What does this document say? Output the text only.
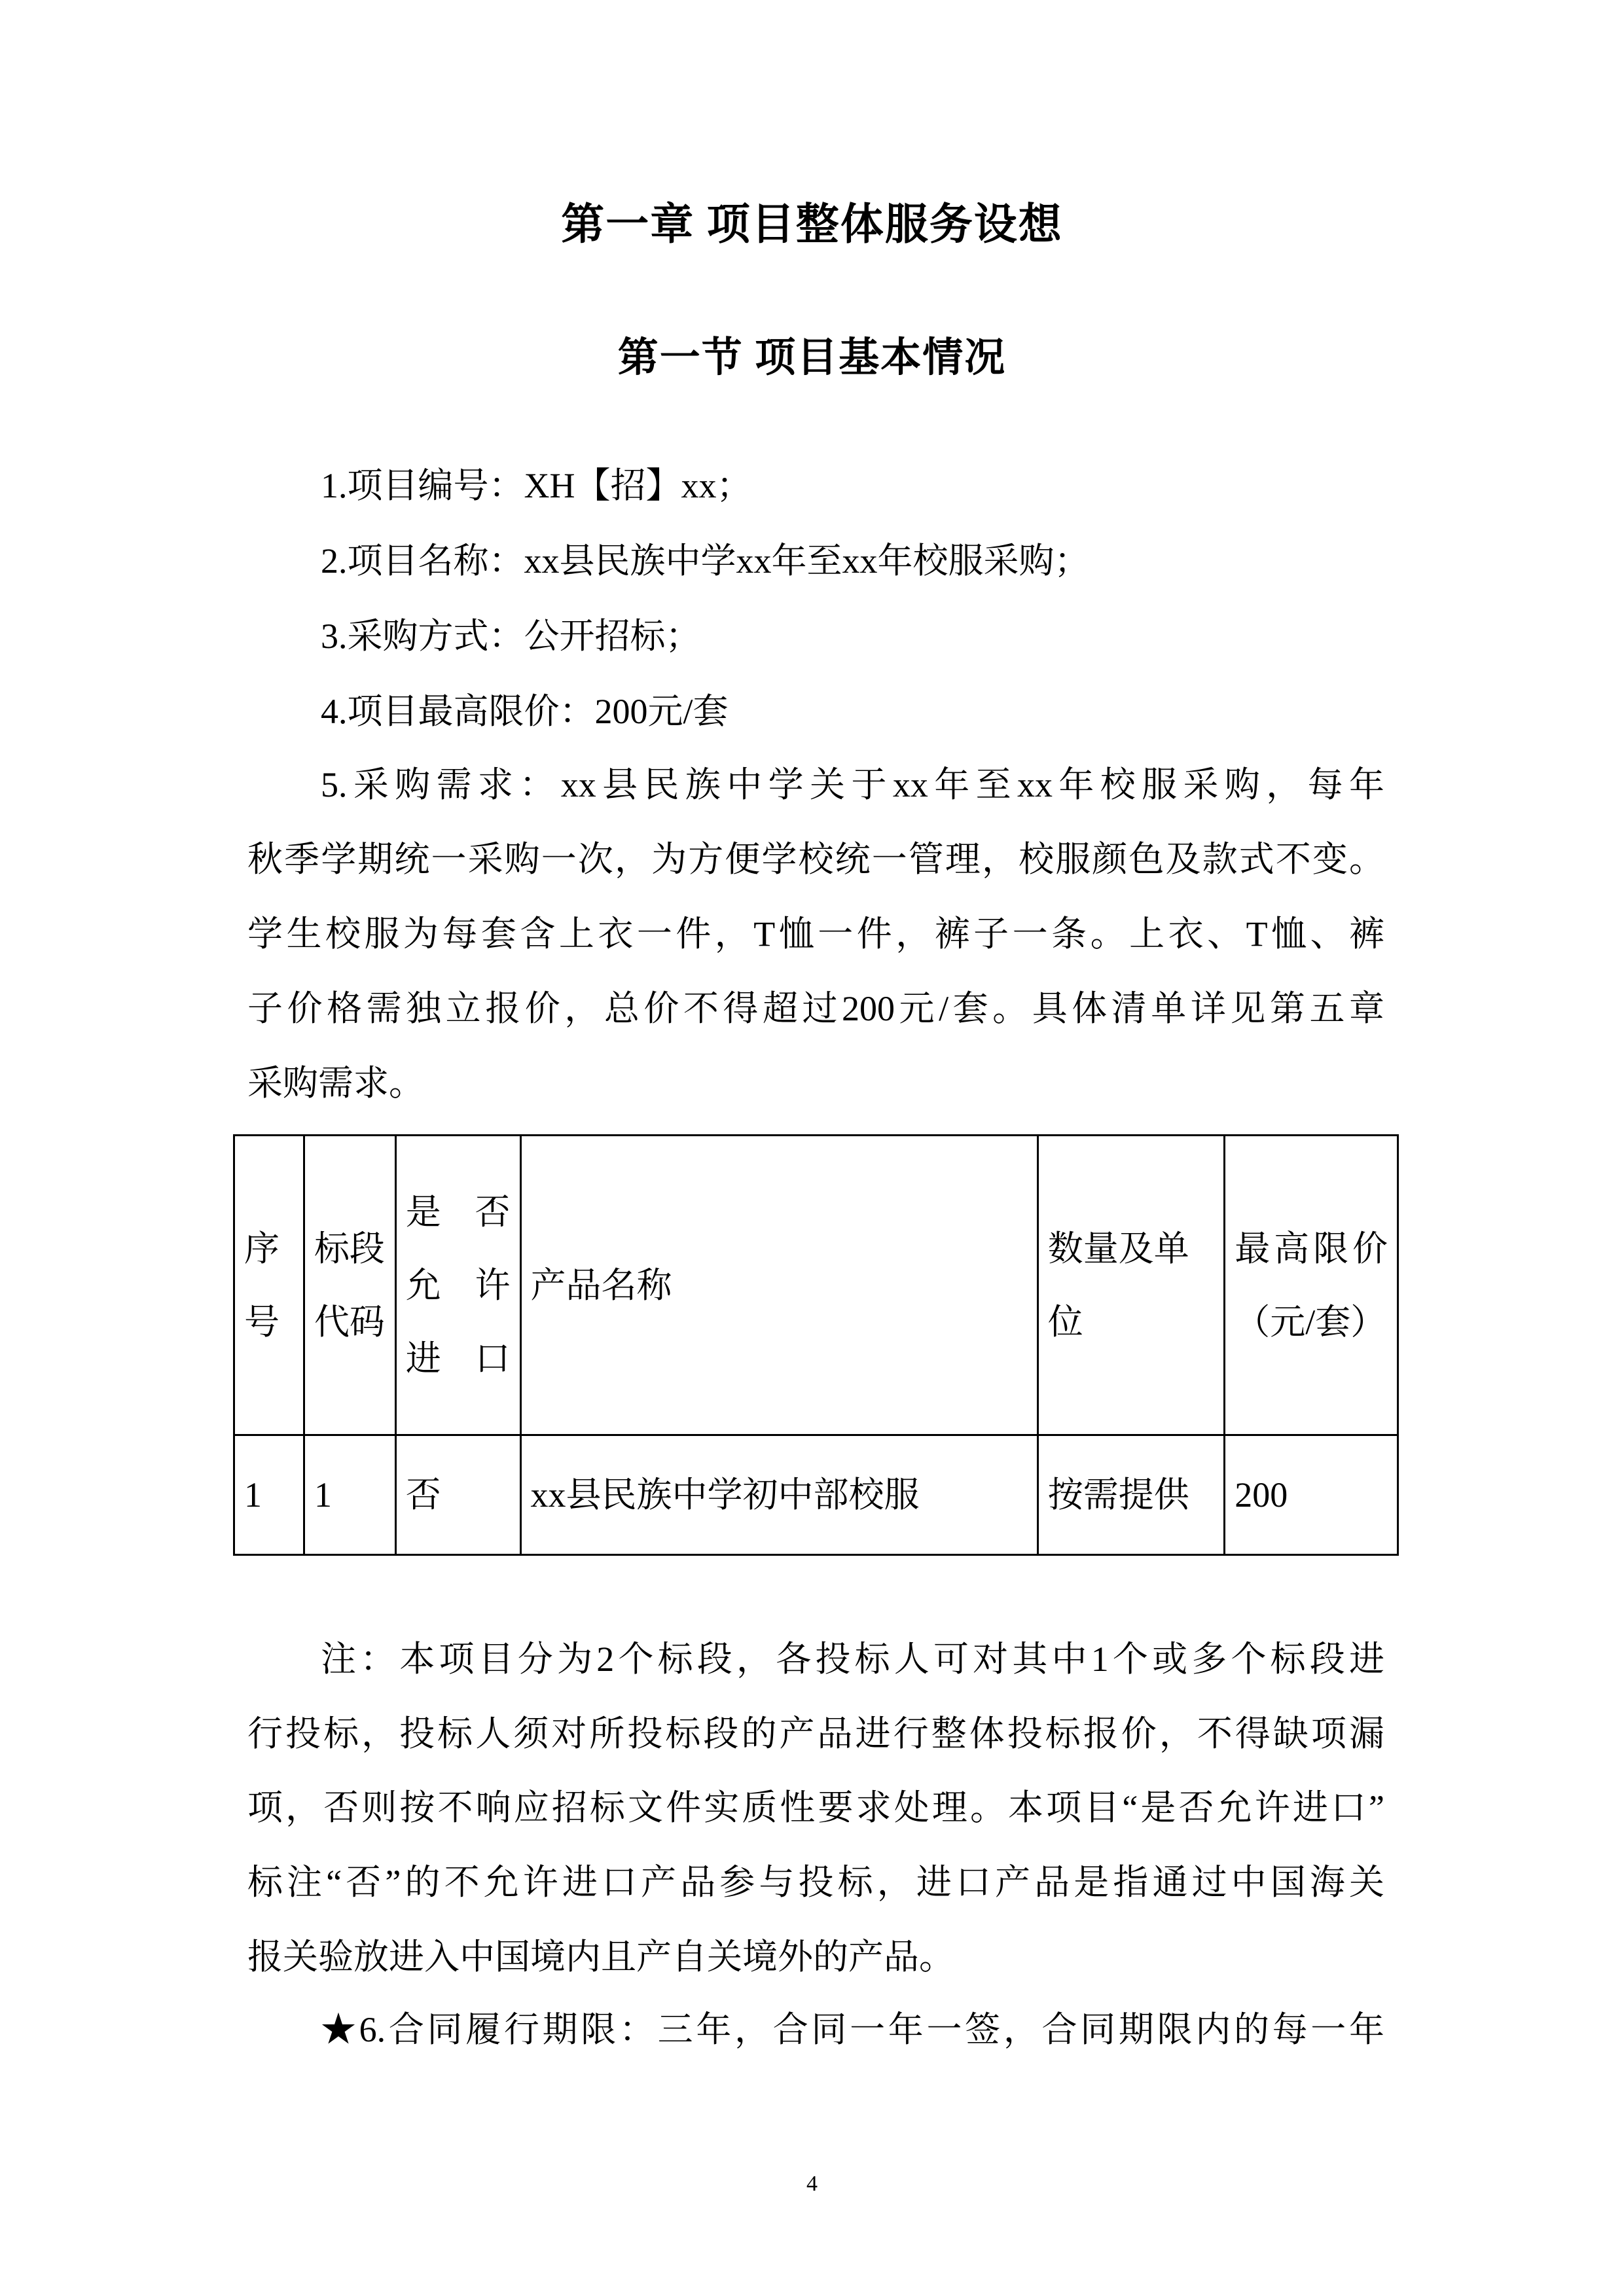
第一章 项目整体服务设想
第一节 项目基本情况
1.项目编号：XH【招】xx；
2.项目名称：xx县民族中学xx年至xx年校服采购；
3.采购方式：公开招标；
4.项目最高限价：200元/套
5.采购需求：xx县民族中学关于xx年至xx年校服采购，每年
秋季学期统一采购一次，为方便学校统一管理，校服颜色及款式不变。
学生校服为每套含上衣一件，T恤一件，裤子一条。上衣、T恤、裤
子价格需独立报价，总价不得超过200元/套。具体清单详见第五章
采购需求。
序号	标段代码	是否允许进口	产品名称	数量及单位	最高限价（元/套）
1	1	否	xx县民族中学初中部校服	按需提供	200
注：本项目分为2个标段，各投标人可对其中1个或多个标段进
行投标，投标人须对所投标段的产品进行整体投标报价，不得缺项漏
项，否则按不响应招标文件实质性要求处理。本项目“是否允许进口”
标注“否”的不允许进口产品参与投标，进口产品是指通过中国海关
报关验放进入中国境内且产自关境外的产品。
★6.合同履行期限：三年，合同一年一签，合同期限内的每一年
4
